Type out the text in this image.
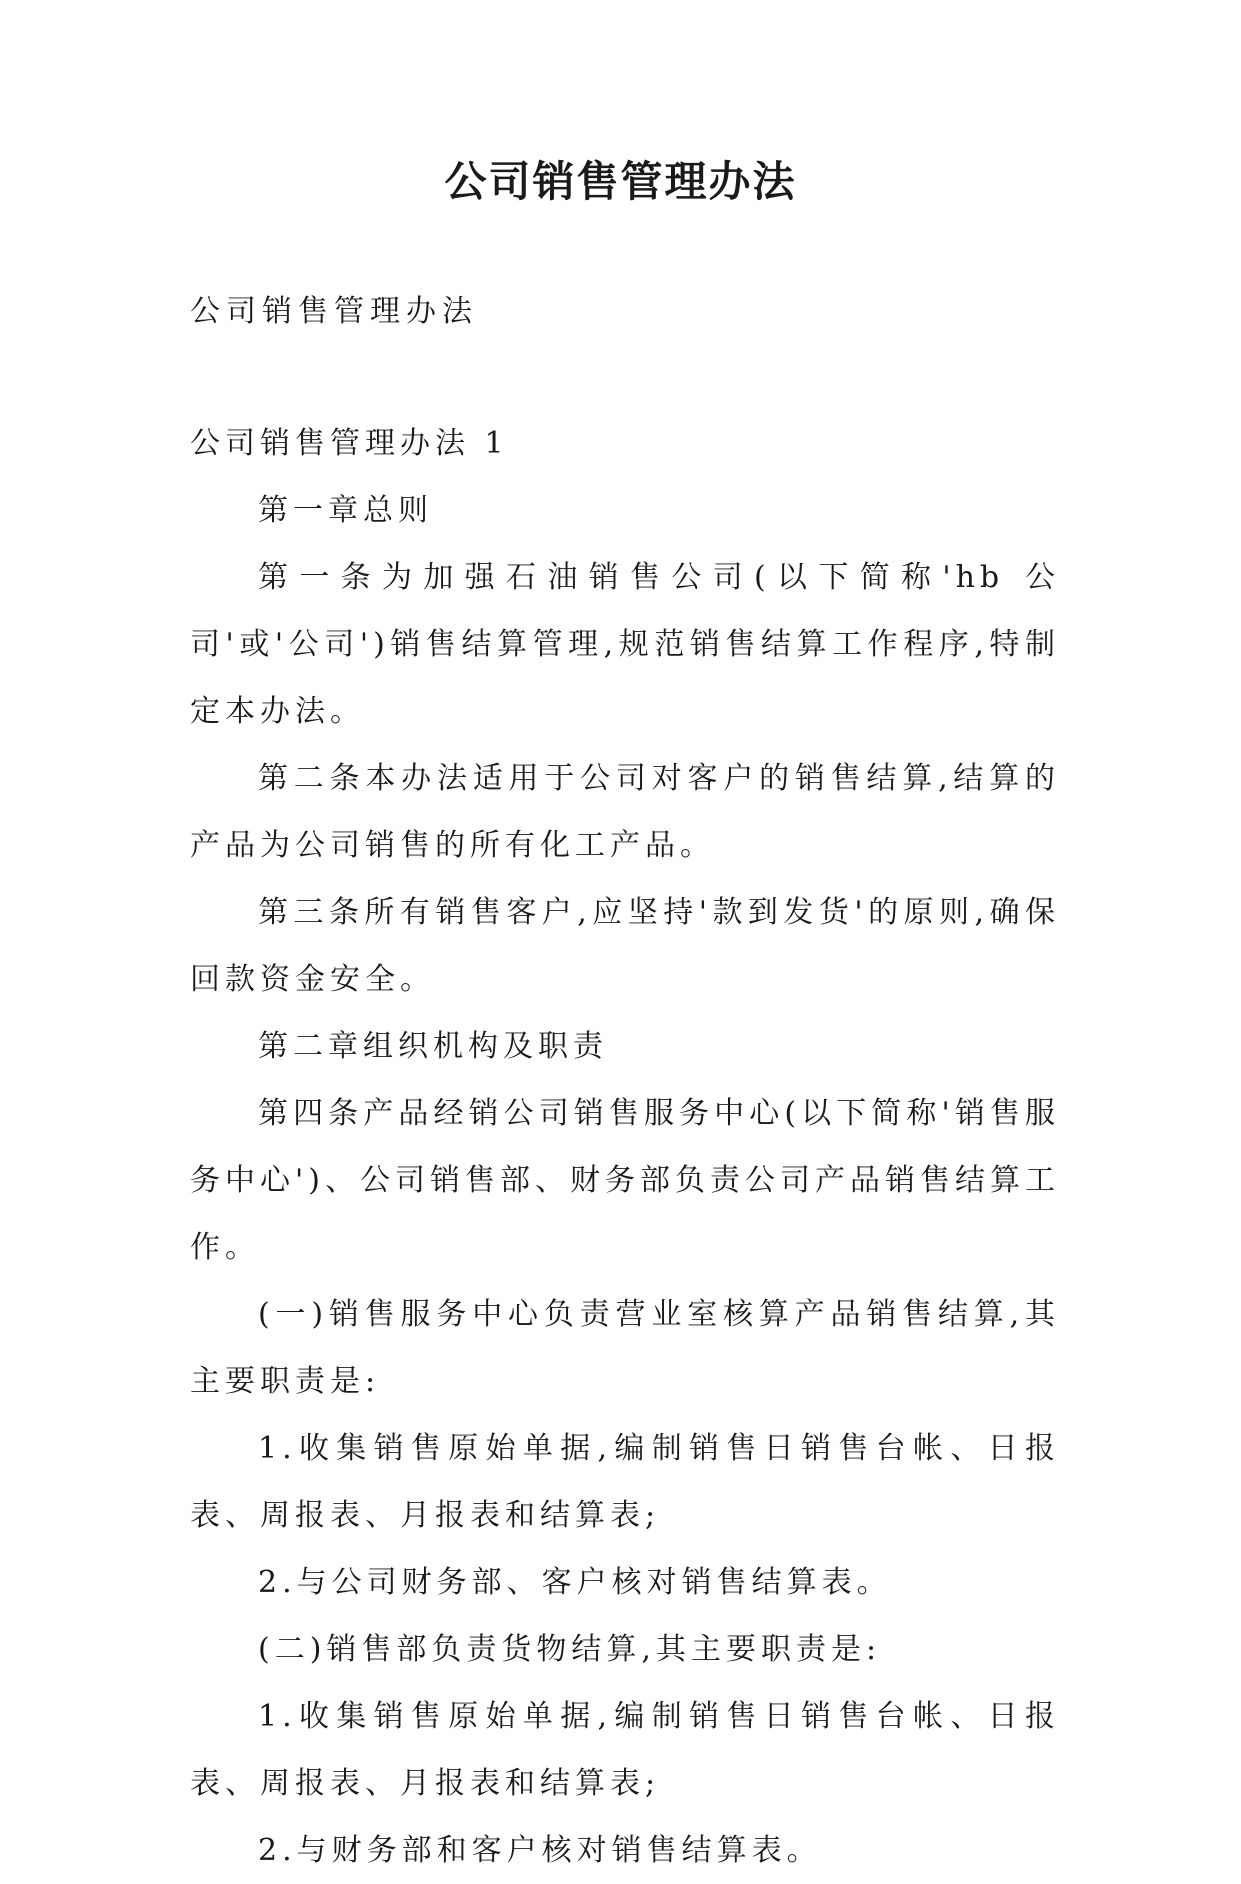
公司销售管理办法

公司销售管理办法

公司销售管理办法 1

第一章总则

第一条为加强石油销售公司(以下简称'hb 公司'或'公司')销售结算管理,规范销售结算工作程序,特制定本办法。

第二条本办法适用于公司对客户的销售结算,结算的产品为公司销售的所有化工产品。

第三条所有销售客户,应坚持'款到发货'的原则,确保回款资金安全。

第二章组织机构及职责

第四条产品经销公司销售服务中心(以下简称'销售服务中心')、公司销售部、财务部负责公司产品销售结算工作。

(一)销售服务中心负责营业室核算产品销售结算,其主要职责是:

1.收集销售原始单据,编制销售日销售台帐、日报表、周报表、月报表和结算表;

2.与公司财务部、客户核对销售结算表。

(二)销售部负责货物结算,其主要职责是:

1.收集销售原始单据,编制销售日销售台帐、日报表、周报表、月报表和结算表;

2.与财务部和客户核对销售结算表。
